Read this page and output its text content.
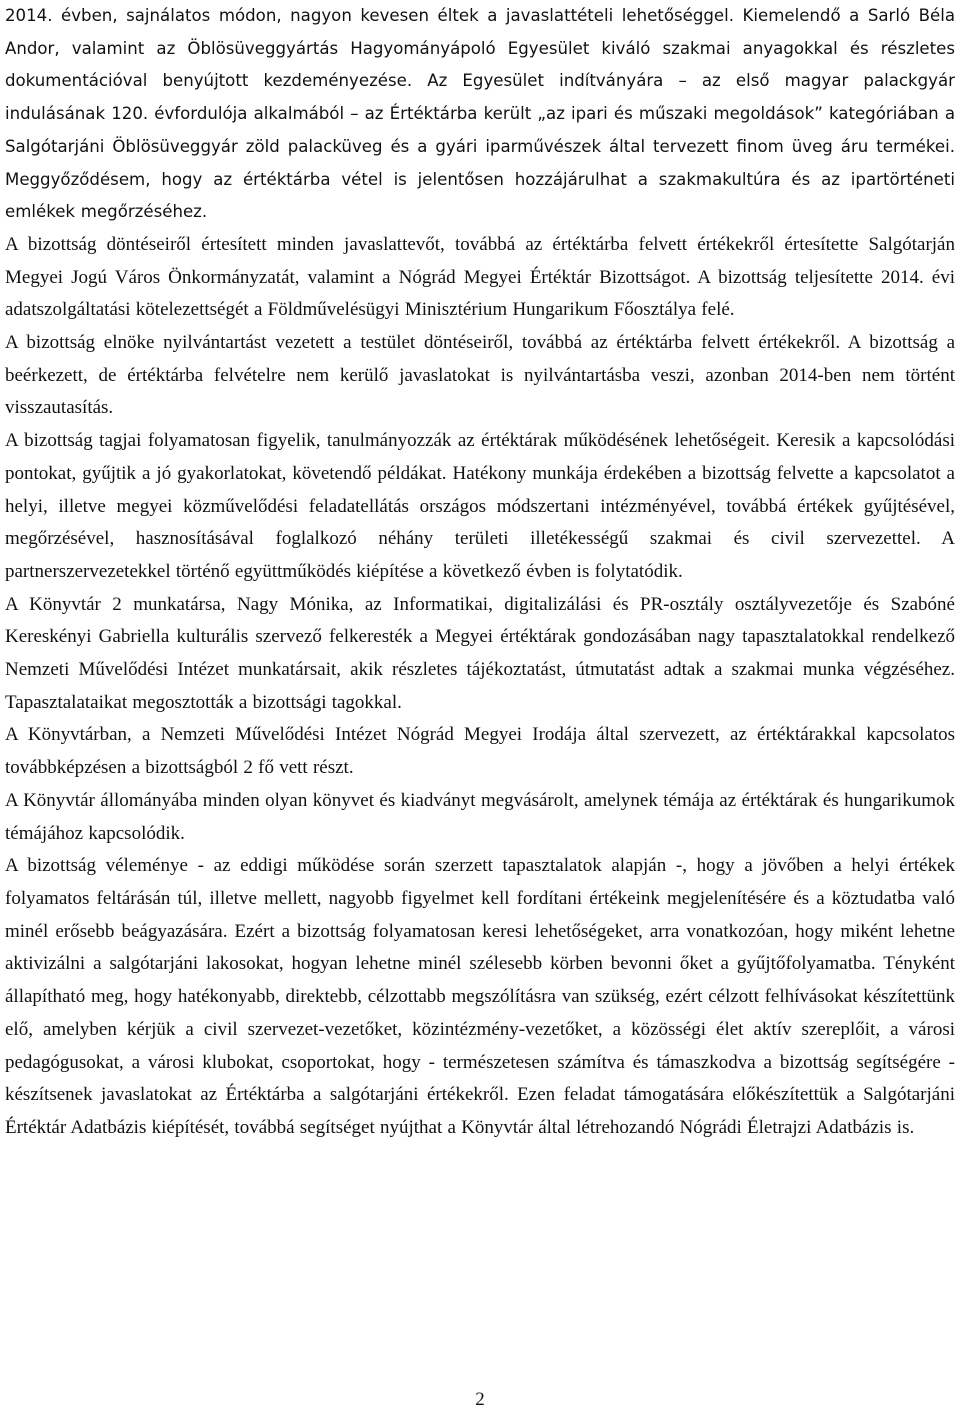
2014. évben, sajnálatos módon, nagyon kevesen éltek a javaslattételi lehetőséggel. Kiemelendő a Sarló Béla Andor, valamint az Öblösüveggyártás Hagyományápoló Egyesület kiváló szakmai anyagokkal és részletes dokumentációval benyújtott kezdeményezése. Az Egyesület indítványára – az első magyar palackgyár indulásának 120. évfordulója alkalmából – az Értéktárba került „az ipari és műszaki megoldások” kategóriában a Salgótarjáni Öblösüveggyár zöld palacküveg és a gyári iparművészek által tervezett finom üveg áru termékei. Meggyőződésem, hogy az értéktárba vétel is jelentősen hozzájárulhat a szakmakultúra és az ipartörténeti emlékek megőrzéséhez.

A bizottság döntéseiről értesített minden javaslattevőt, továbbá az értéktárba felvett értékekről értesítette Salgótarján Megyei Jogú Város Önkormányzatát, valamint a Nógrád Megyei Értéktár Bizottságot. A bizottság teljesítette 2014. évi adatszolgáltatási kötelezettségét a Földművelésügyi Minisztérium Hungarikum Főosztálya felé.

A bizottság elnöke nyilvántartást vezetett a testület döntéseiről, továbbá az értéktárba felvett értékekről. A bizottság a beérkezett, de értéktárba felvételre nem kerülő javaslatokat is nyilvántartásba veszi, azonban 2014-ben nem történt visszautasítás.

A bizottság tagjai folyamatosan figyelik, tanulmányozzák az értéktárak működésének lehetőségeit. Keresik a kapcsolódási pontokat, gyűjtik a jó gyakorlatokat, követendő példákat. Hatékony munkája érdekében a bizottság felvette a kapcsolatot a helyi, illetve megyei közművelődési feladatellátás országos módszertani intézményével, továbbá értékek gyűjtésével, megőrzésével, hasznosításával foglalkozó néhány területi illetékességű szakmai és civil szervezettel. A partnerszervezetekkel történő együttműködés kiépítése a következő évben is folytatódik.

A Könyvtár 2 munkatársa, Nagy Mónika, az Informatikai, digitalizálási és PR-osztály osztályvezetője és Szabóné Kereskényi Gabriella kulturális szervező felkeresték a Megyei értéktárak gondozásában nagy tapasztalatokkal rendelkező Nemzeti Művelődési Intézet munkatársait, akik részletes tájékoztatást, útmutatást adtak a szakmai munka végzéséhez. Tapasztalataikat megosztották a bizottsági tagokkal.

A Könyvtárban, a Nemzeti Művelődési Intézet Nógrád Megyei Irodája által szervezett, az értéktárakkal kapcsolatos továbbképzésen a bizottságból 2 fő vett részt.

A Könyvtár állományába minden olyan könyvet és kiadványt megvásárolt, amelynek témája az értéktárak és hungarikumok témájához kapcsolódik.

A bizottság véleménye - az eddigi működése során szerzett tapasztalatok alapján -, hogy a jövőben a helyi értékek folyamatos feltárásán túl, illetve mellett, nagyobb figyelmet kell fordítani értékeink megjelenítésére és a köztudatba való minél erősebb beágyazására. Ezért a bizottság folyamatosan keresi lehetőségeket, arra vonatkozóan, hogy miként lehetne aktivizálni a salgótarjáni lakosokat, hogyan lehetne minél szélesebb körben bevonni őket a gyűjtőfolyamatba. Tényként állapítható meg, hogy hatékonyabb, direktebb, célzottabb megszólításra van szükség, ezért célzott felhívásokat készítettünk elő, amelyben kérjük a civil szervezet-vezetőket, közintézmény-vezetőket, a közösségi élet aktív szereplőit, a városi pedagógusokat, a városi klubokat, csoportokat, hogy - természetesen számítva és támaszkodva a bizottság segítségére - készítsenek javaslatokat az Értéktárba a salgótarjáni értékekről. Ezen feladat támogatására előkészítettük a Salgótarjáni Értéktár Adatbázis kiépítését, továbbá segítséget nyújthat a Könyvtár által létrehozandó Nógrádi Életrajzi Adatbázis is.

2
